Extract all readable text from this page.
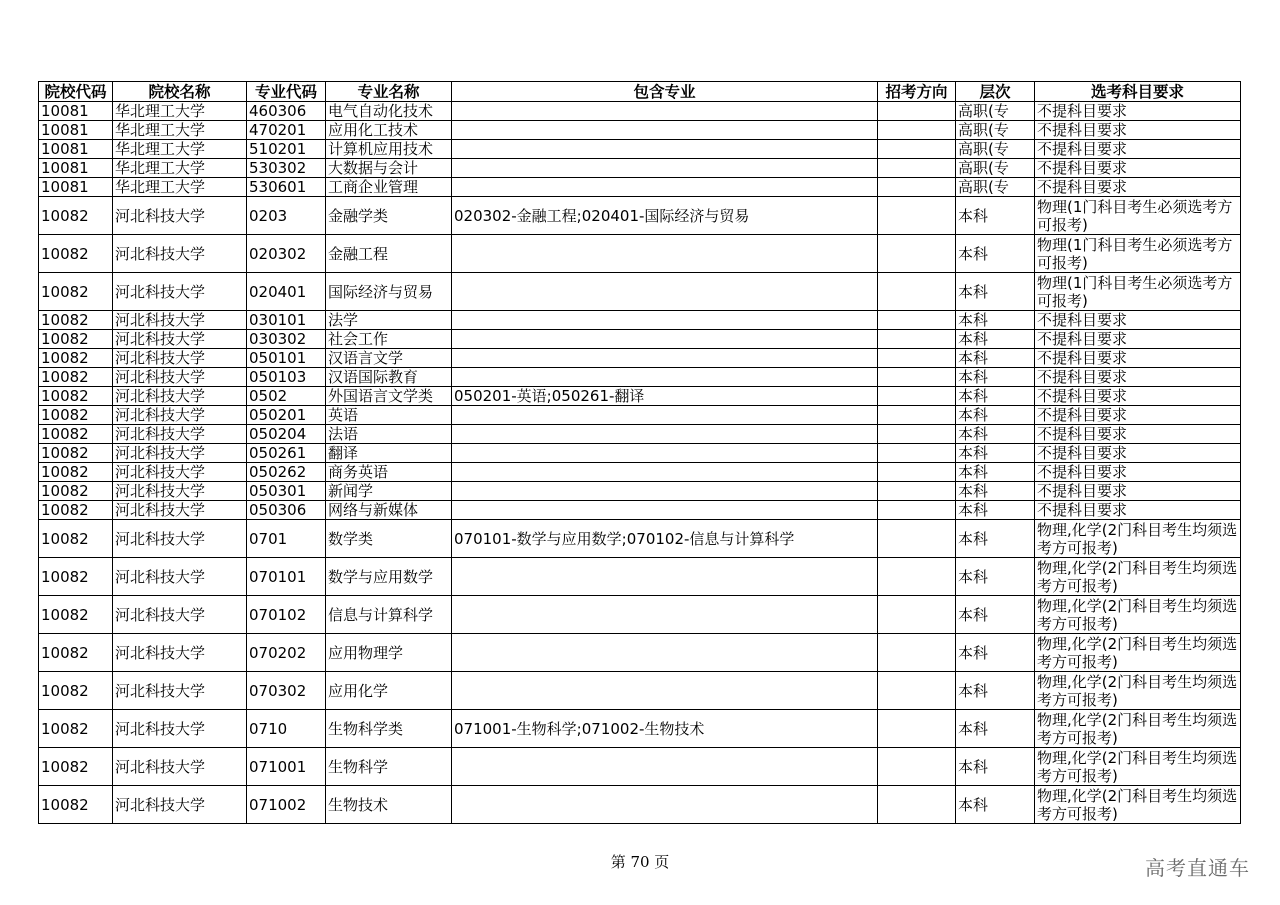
院校代码	院校名称	专业代码	专业名称	包含专业	招考方向	层次	选考科目要求
10081	华北理工大学	460306	电气自动化技术			高职(专	不提科目要求
10081	华北理工大学	470201	应用化工技术			高职(专	不提科目要求
10081	华北理工大学	510201	计算机应用技术			高职(专	不提科目要求
10081	华北理工大学	530302	大数据与会计			高职(专	不提科目要求
10081	华北理工大学	530601	工商企业管理			高职(专	不提科目要求
10082	河北科技大学	0203	金融学类	020302-金融工程;020401-国际经济与贸易		本科	物理(1门科目考生必须选考方可报考)
10082	河北科技大学	020302	金融工程			本科	物理(1门科目考生必须选考方可报考)
10082	河北科技大学	020401	国际经济与贸易			本科	物理(1门科目考生必须选考方可报考)
10082	河北科技大学	030101	法学			本科	不提科目要求
10082	河北科技大学	030302	社会工作			本科	不提科目要求
10082	河北科技大学	050101	汉语言文学			本科	不提科目要求
10082	河北科技大学	050103	汉语国际教育			本科	不提科目要求
10082	河北科技大学	0502	外国语言文学类	050201-英语;050261-翻译		本科	不提科目要求
10082	河北科技大学	050201	英语			本科	不提科目要求
10082	河北科技大学	050204	法语			本科	不提科目要求
10082	河北科技大学	050261	翻译			本科	不提科目要求
10082	河北科技大学	050262	商务英语			本科	不提科目要求
10082	河北科技大学	050301	新闻学			本科	不提科目要求
10082	河北科技大学	050306	网络与新媒体			本科	不提科目要求
10082	河北科技大学	0701	数学类	070101-数学与应用数学;070102-信息与计算科学		本科	物理,化学(2门科目考生均须选考方可报考)
10082	河北科技大学	070101	数学与应用数学			本科	物理,化学(2门科目考生均须选考方可报考)
10082	河北科技大学	070102	信息与计算科学			本科	物理,化学(2门科目考生均须选考方可报考)
10082	河北科技大学	070202	应用物理学			本科	物理,化学(2门科目考生均须选考方可报考)
10082	河北科技大学	070302	应用化学			本科	物理,化学(2门科目考生均须选考方可报考)
10082	河北科技大学	0710	生物科学类	071001-生物科学;071002-生物技术		本科	物理,化学(2门科目考生均须选考方可报考)
10082	河北科技大学	071001	生物科学			本科	物理,化学(2门科目考生均须选考方可报考)
10082	河北科技大学	071002	生物技术			本科	物理,化学(2门科目考生均须选考方可报考)
第 70 页	高考直通车
